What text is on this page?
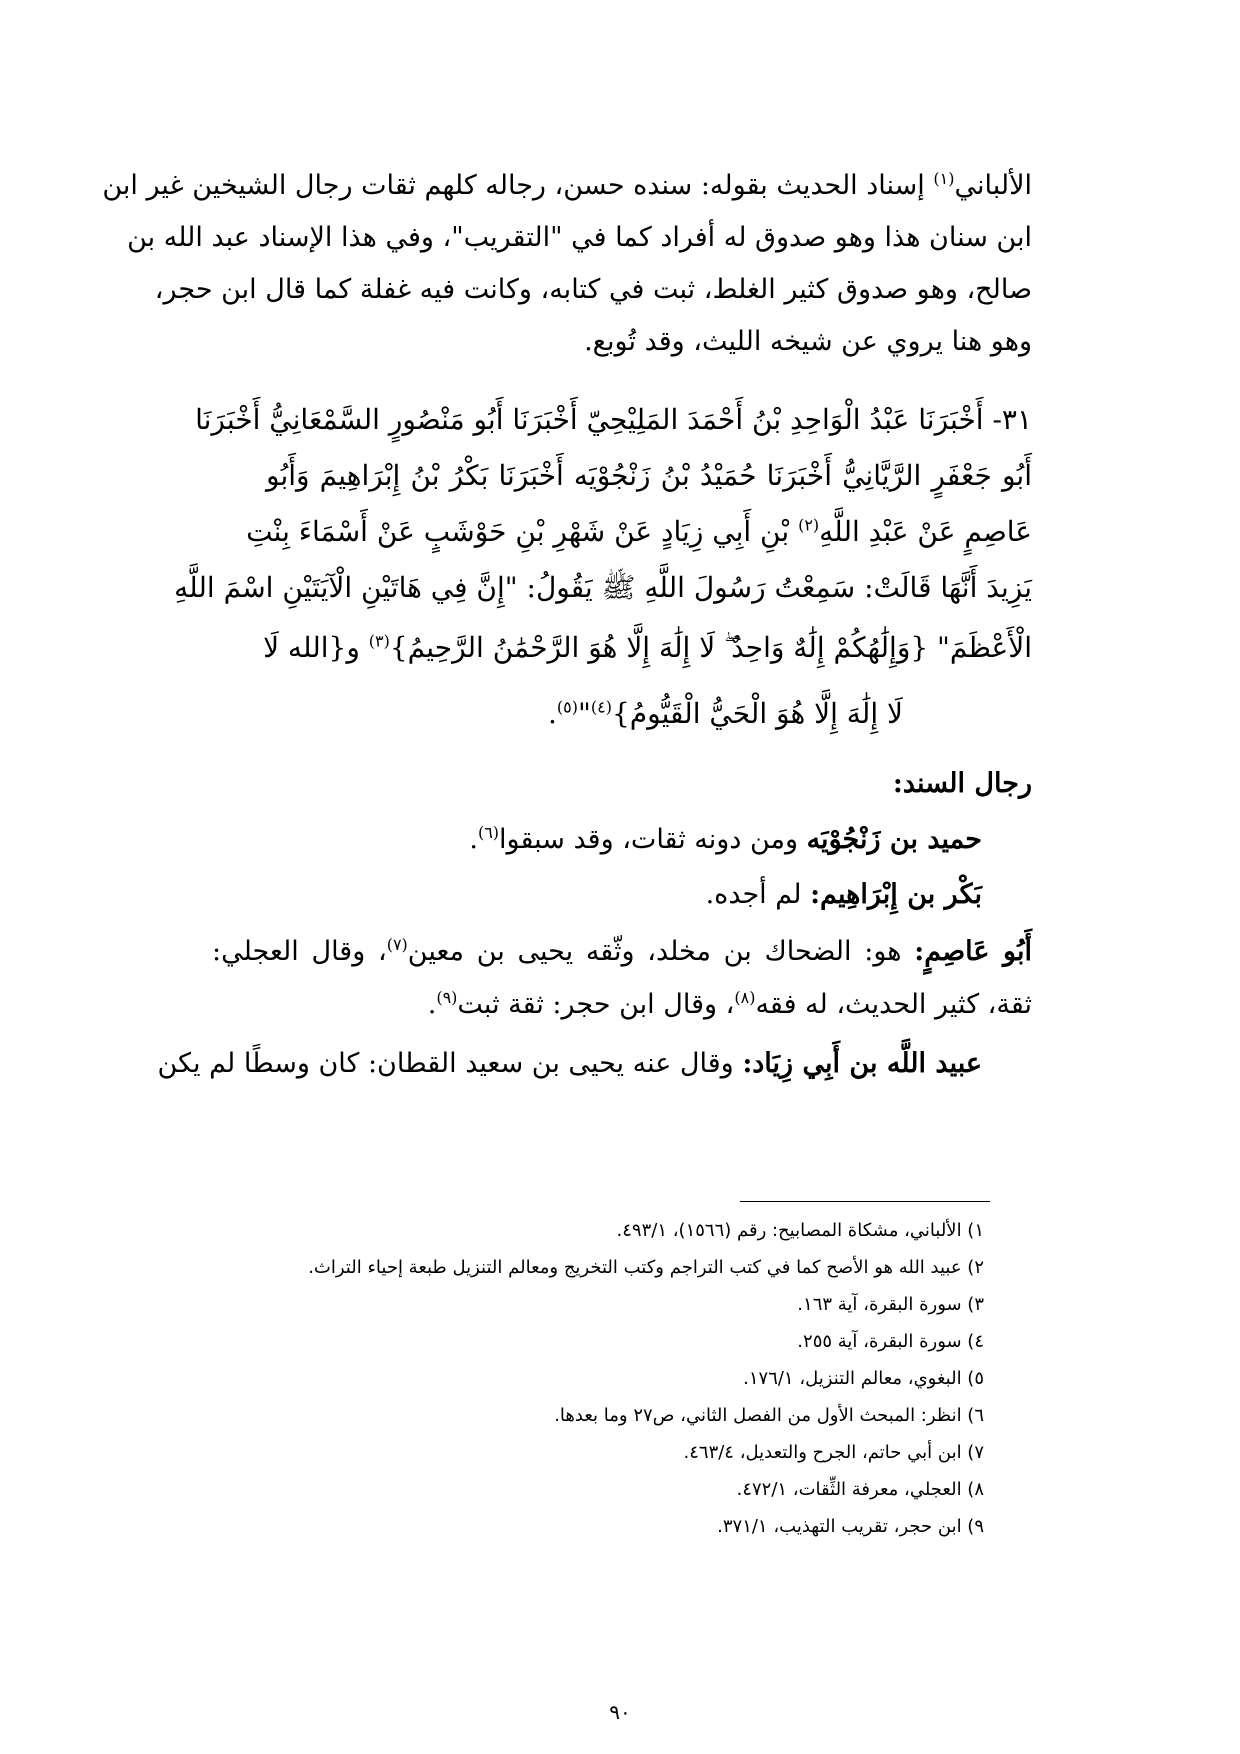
الألباني$^{(١)}$ إسناد الحديث بقوله: سنده حسن، رجاله كلهم ثقات رجال الشيخين غير ابن
ابن سنان هذا وهو صدوق له أفراد كما في "التقريب"، وفي هذا الإسناد عبد الله بن
صالح، وهو صدوق كثير الغلط، ثبت في كتابه، وكانت فيه غفلة كما قال ابن حجر،
وهو هنا يروي عن شيخه الليث، وقد تُوبع.
٣١- أَخْبَرَنَا عَبْدُ الْوَاحِدِ بْنُ أَحْمَدَ المَلِيْحِيّ أَخْبَرَنَا أَبُو مَنْصُورٍ السَّمْعَانِيُّ أَخْبَرَنَا
أَبُو جَعْفَرٍ الرَّيَّانِيُّ أَخْبَرَنَا حُمَيْدُ بْنُ زَنْجُوْيَه أَخْبَرَنَا بَكْرُ بْنُ إِبْرَاهِيمَ وَأَبُو
عَاصِمٍ عَنْ عَبْدِ اللَّهِ$^{(٢)}$ بْنِ أَبِي زِيَادٍ عَنْ شَهْرِ بْنِ حَوْشَبٍ عَنْ أَسْمَاءَ بِنْتِ
يَزِيدَ أَنَّهَا قَالَتْ: سَمِعْتُ رَسُولَ اللَّهِ ﷺ يَقُولُ: "إِنَّ فِي هَاتَيْنِ الْآيَتَيْنِ اسْمَ اللَّهِ
الْأَعْظَمَ" {وَإِلَٰهُكُمْ إِلَٰهٌ وَاحِدٌ ۖ لَا إِلَٰهَ إِلَّا هُوَ الرَّحْمَٰنُ الرَّحِيمُ}$^{(٣)}$ و{الله لَا
لَا إِلَٰهَ إِلَّا هُوَ الْحَيُّ الْقَيُّومُ}$^{(٤)}$"$^{(٥)}$.
رجال السند:
حميد بن زَنْجُوْيَه ومن دونه ثقات، وقد سبقوا$^{(٦)}$.
بَكْر بن إِبْرَاهِيم: لم أجده.
أَبُو عَاصِمٍ: هو: الضحاك بن مخلد، وثّقه يحيى بن معين$^{(٧)}$، وقال العجلي:
ثقة، كثير الحديث، له فقه$^{(٨)}$، وقال ابن حجر: ثقة ثبت$^{(٩)}$.
عبيد اللَّه بن أَبِي زِيَاد: وقال عنه يحيى بن سعيد القطان: كان وسطًا لم يكن
١) الألباني، مشكاة المصابيح: رقم (١٥٦٦)، ٤٩٣/١.
٢) عبيد الله هو الأصح كما في كتب التراجم وكتب التخريج ومعالم التنزيل طبعة إحياء التراث.
٣) سورة البقرة، آية ١٦٣.
٤) سورة البقرة، آية ٢٥٥.
٥) البغوي، معالم التنزيل، ١٧٦/١.
٦) انظر: المبحث الأول من الفصل الثاني، ص٢٧ وما بعدها.
٧) ابن أبي حاتم، الجرح والتعديل، ٤٦٣/٤.
٨) العجلي، معرفة الثِّقات، ٤٧٢/١.
٩) ابن حجر، تقريب التهذيب، ٣٧١/١.
٩٠
